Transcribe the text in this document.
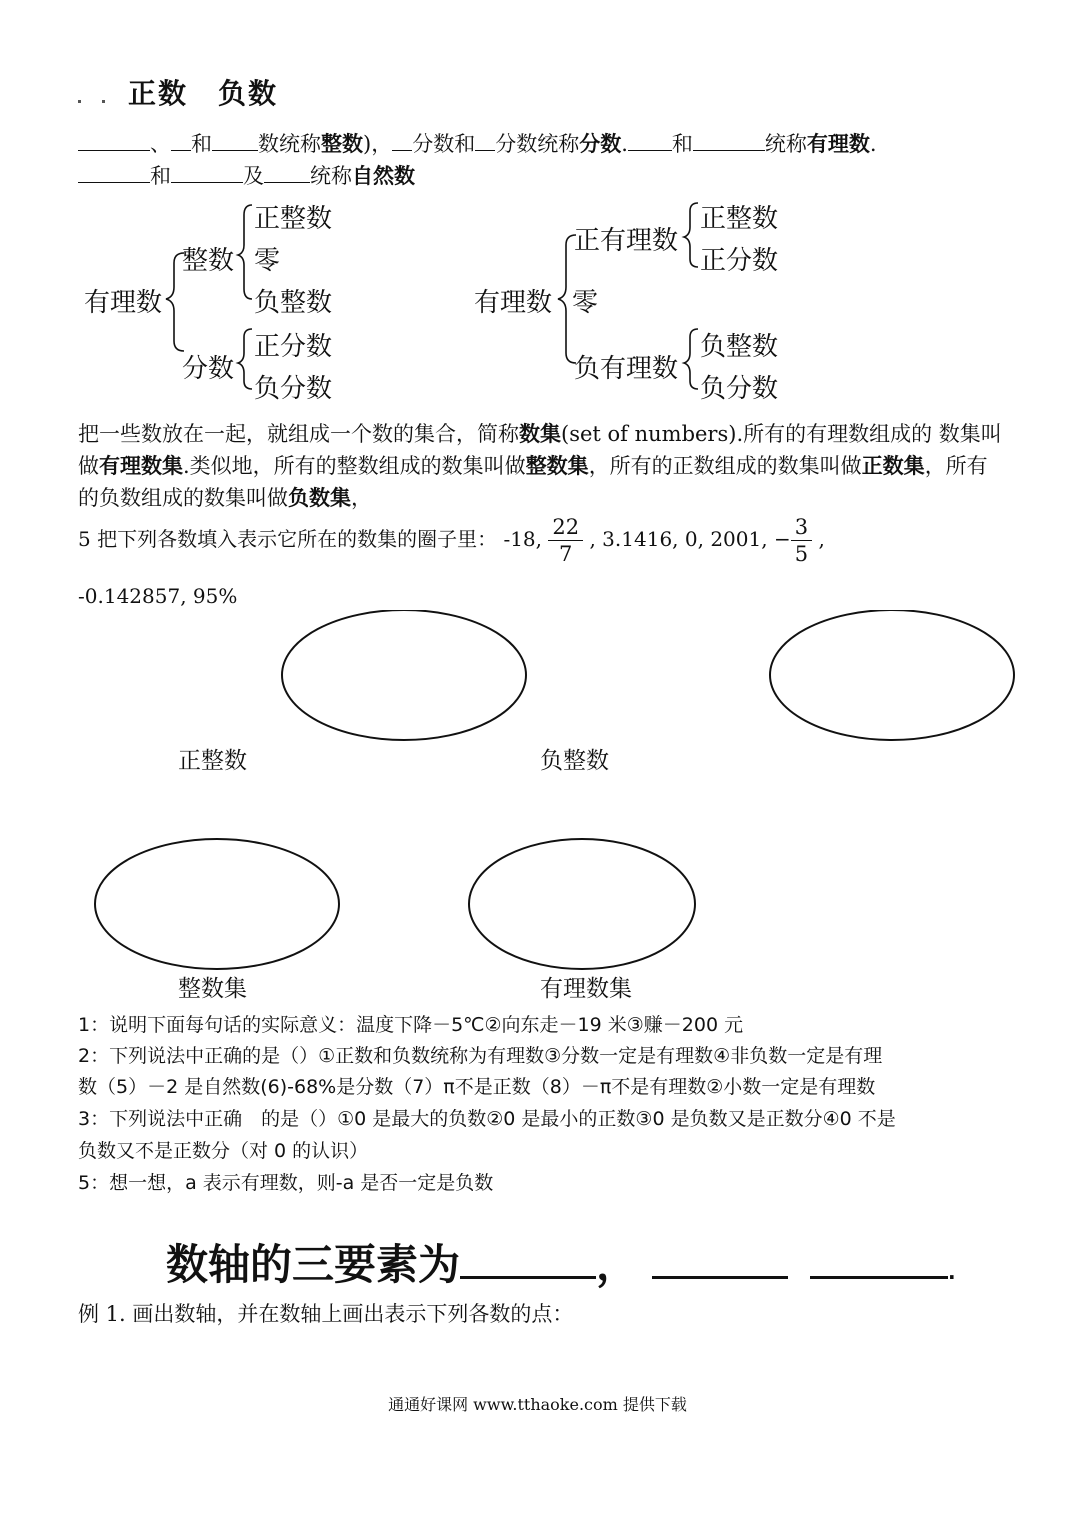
正数　负数
、 和 数统称整数)， 分数和 分数统称分数. 和	统称有理数.
和	及 统称自然数
有理数
整数
正整数
零
负整数
分数
正分数
负分数
有理数
正有理数
正整数
正分数
零
负有理数
负整数
负分数
把一些数放在一起，就组成一个数的集合，简称数集(set of numbers).所有的有理数组成的 数集叫做有理数集.类似地，所有的整数组成的数集叫做整数集，所有的正数组成的数集叫做正数集，所有的负数组成的数集叫做负数集，
5 把下列各数填入表示它所在的数集的圈子里： -18, $\frac{22}{7}$ , 3.1416, 0, 2001, − $\frac{3}{5}$ ,
-0.142857, 95%
正整数	负整数
整数集	有理数集
1：说明下面每句话的实际意义：温度下降－5℃②向东走－19 米③赚－200 元
2：下列说法中正确的是（）①正数和负数统称为有理数③分数一定是有理数④非负数一定是有理
数（5）－2 是自然数(6)-68%是分数（7）π不是正数（8）－π不是有理数②小数一定是有理数
3：下列说法中正确　的是（）①0 是最大的负数②0 是最小的正数③0 是负数又是正数分④0 不是
负数又不是正数分（对 0 的认识）
5：想一想，a 表示有理数，则-a 是否一定是负数
数轴的三要素为	，	.
例 1. 画出数轴，并在数轴上画出表示下列各数的点：
通通好课网 www.tthaoke.com 提供下载
